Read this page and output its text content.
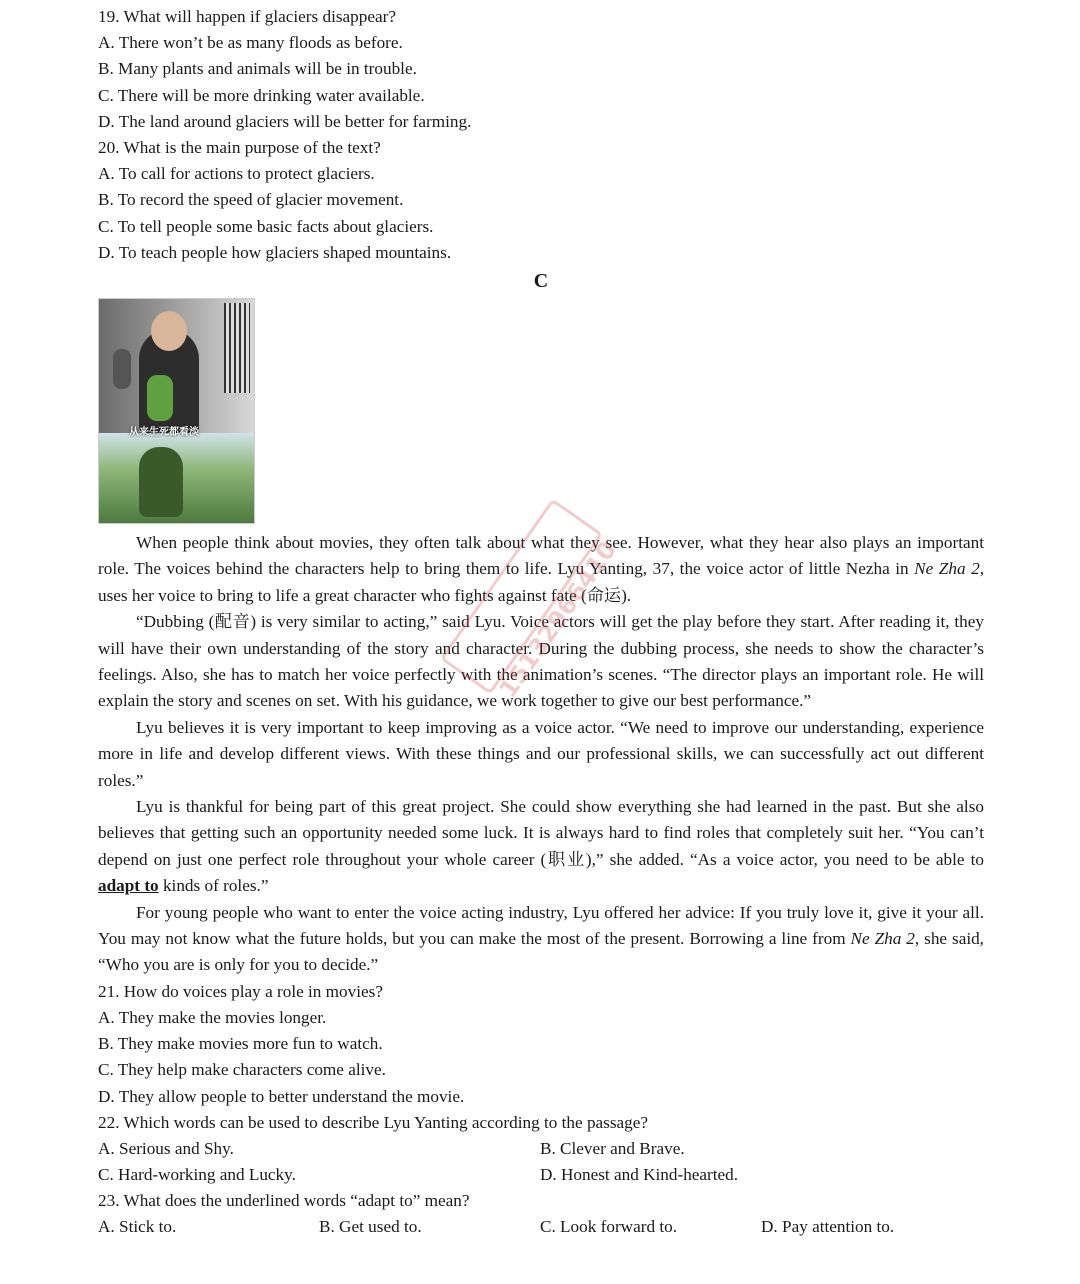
19. What will happen if glaciers disappear?
A. There won’t be as many floods as before.
B. Many plants and animals will be in trouble.
C. There will be more drinking water available.
D. The land around glaciers will be better for farming.
20. What is the main purpose of the text?
A. To call for actions to protect glaciers.
B. To record the speed of glacier movement.
C. To tell people some basic facts about glaciers.
D. To teach people how glaciers shaped mountains.
C
从来生死都看淡
When people think about movies, they often talk about what they see. However, what they hear also plays an important role. The voices behind the characters help to bring them to life. Lyu Yanting, 37, the voice actor of little Nezha in Ne Zha 2, uses her voice to bring to life a great character who fights against fate (命运).
“Dubbing (配音) is very similar to acting,” said Lyu. Voice actors will get the play before they start. After reading it, they will have their own understanding of the story and character. During the dubbing process, she needs to show the character’s feelings. Also, she has to match her voice perfectly with the animation’s scenes. “The director plays an important role. He will explain the story and scenes on set. With his guidance, we work together to give our best performance.”
Lyu believes it is very important to keep improving as a voice actor. “We need to improve our understanding, experience more in life and develop different views. With these things and our professional skills, we can successfully act out different roles.”
Lyu is thankful for being part of this great project. She could show everything she had learned in the past. But she also believes that getting such an opportunity needed some luck. It is always hard to find roles that completely suit her. “You can’t depend on just one perfect role throughout your whole career (职业),” she added. “As a voice actor, you need to be able to adapt to kinds of roles.”
For young people who want to enter the voice acting industry, Lyu offered her advice: If you truly love it, give it your all. You may not know what the future holds, but you can make the most of the present. Borrowing a line from Ne Zha 2, she said, “Who you are is only for you to decide.”
21. How do voices play a role in movies?
A. They make the movies longer.
B. They make movies more fun to watch.
C. They help make characters come alive.
D. They allow people to better understand the movie.
22. Which words can be used to describe Lyu Yanting according to the passage?
A. Serious and Shy.	B. Clever and Brave.
C. Hard-working and Lucky.	D. Honest and Kind-hearted.
23. What does the underlined words “adapt to” mean?
A. Stick to.	B. Get used to.	C. Look forward to.	D. Pay attention to.
15132966410
